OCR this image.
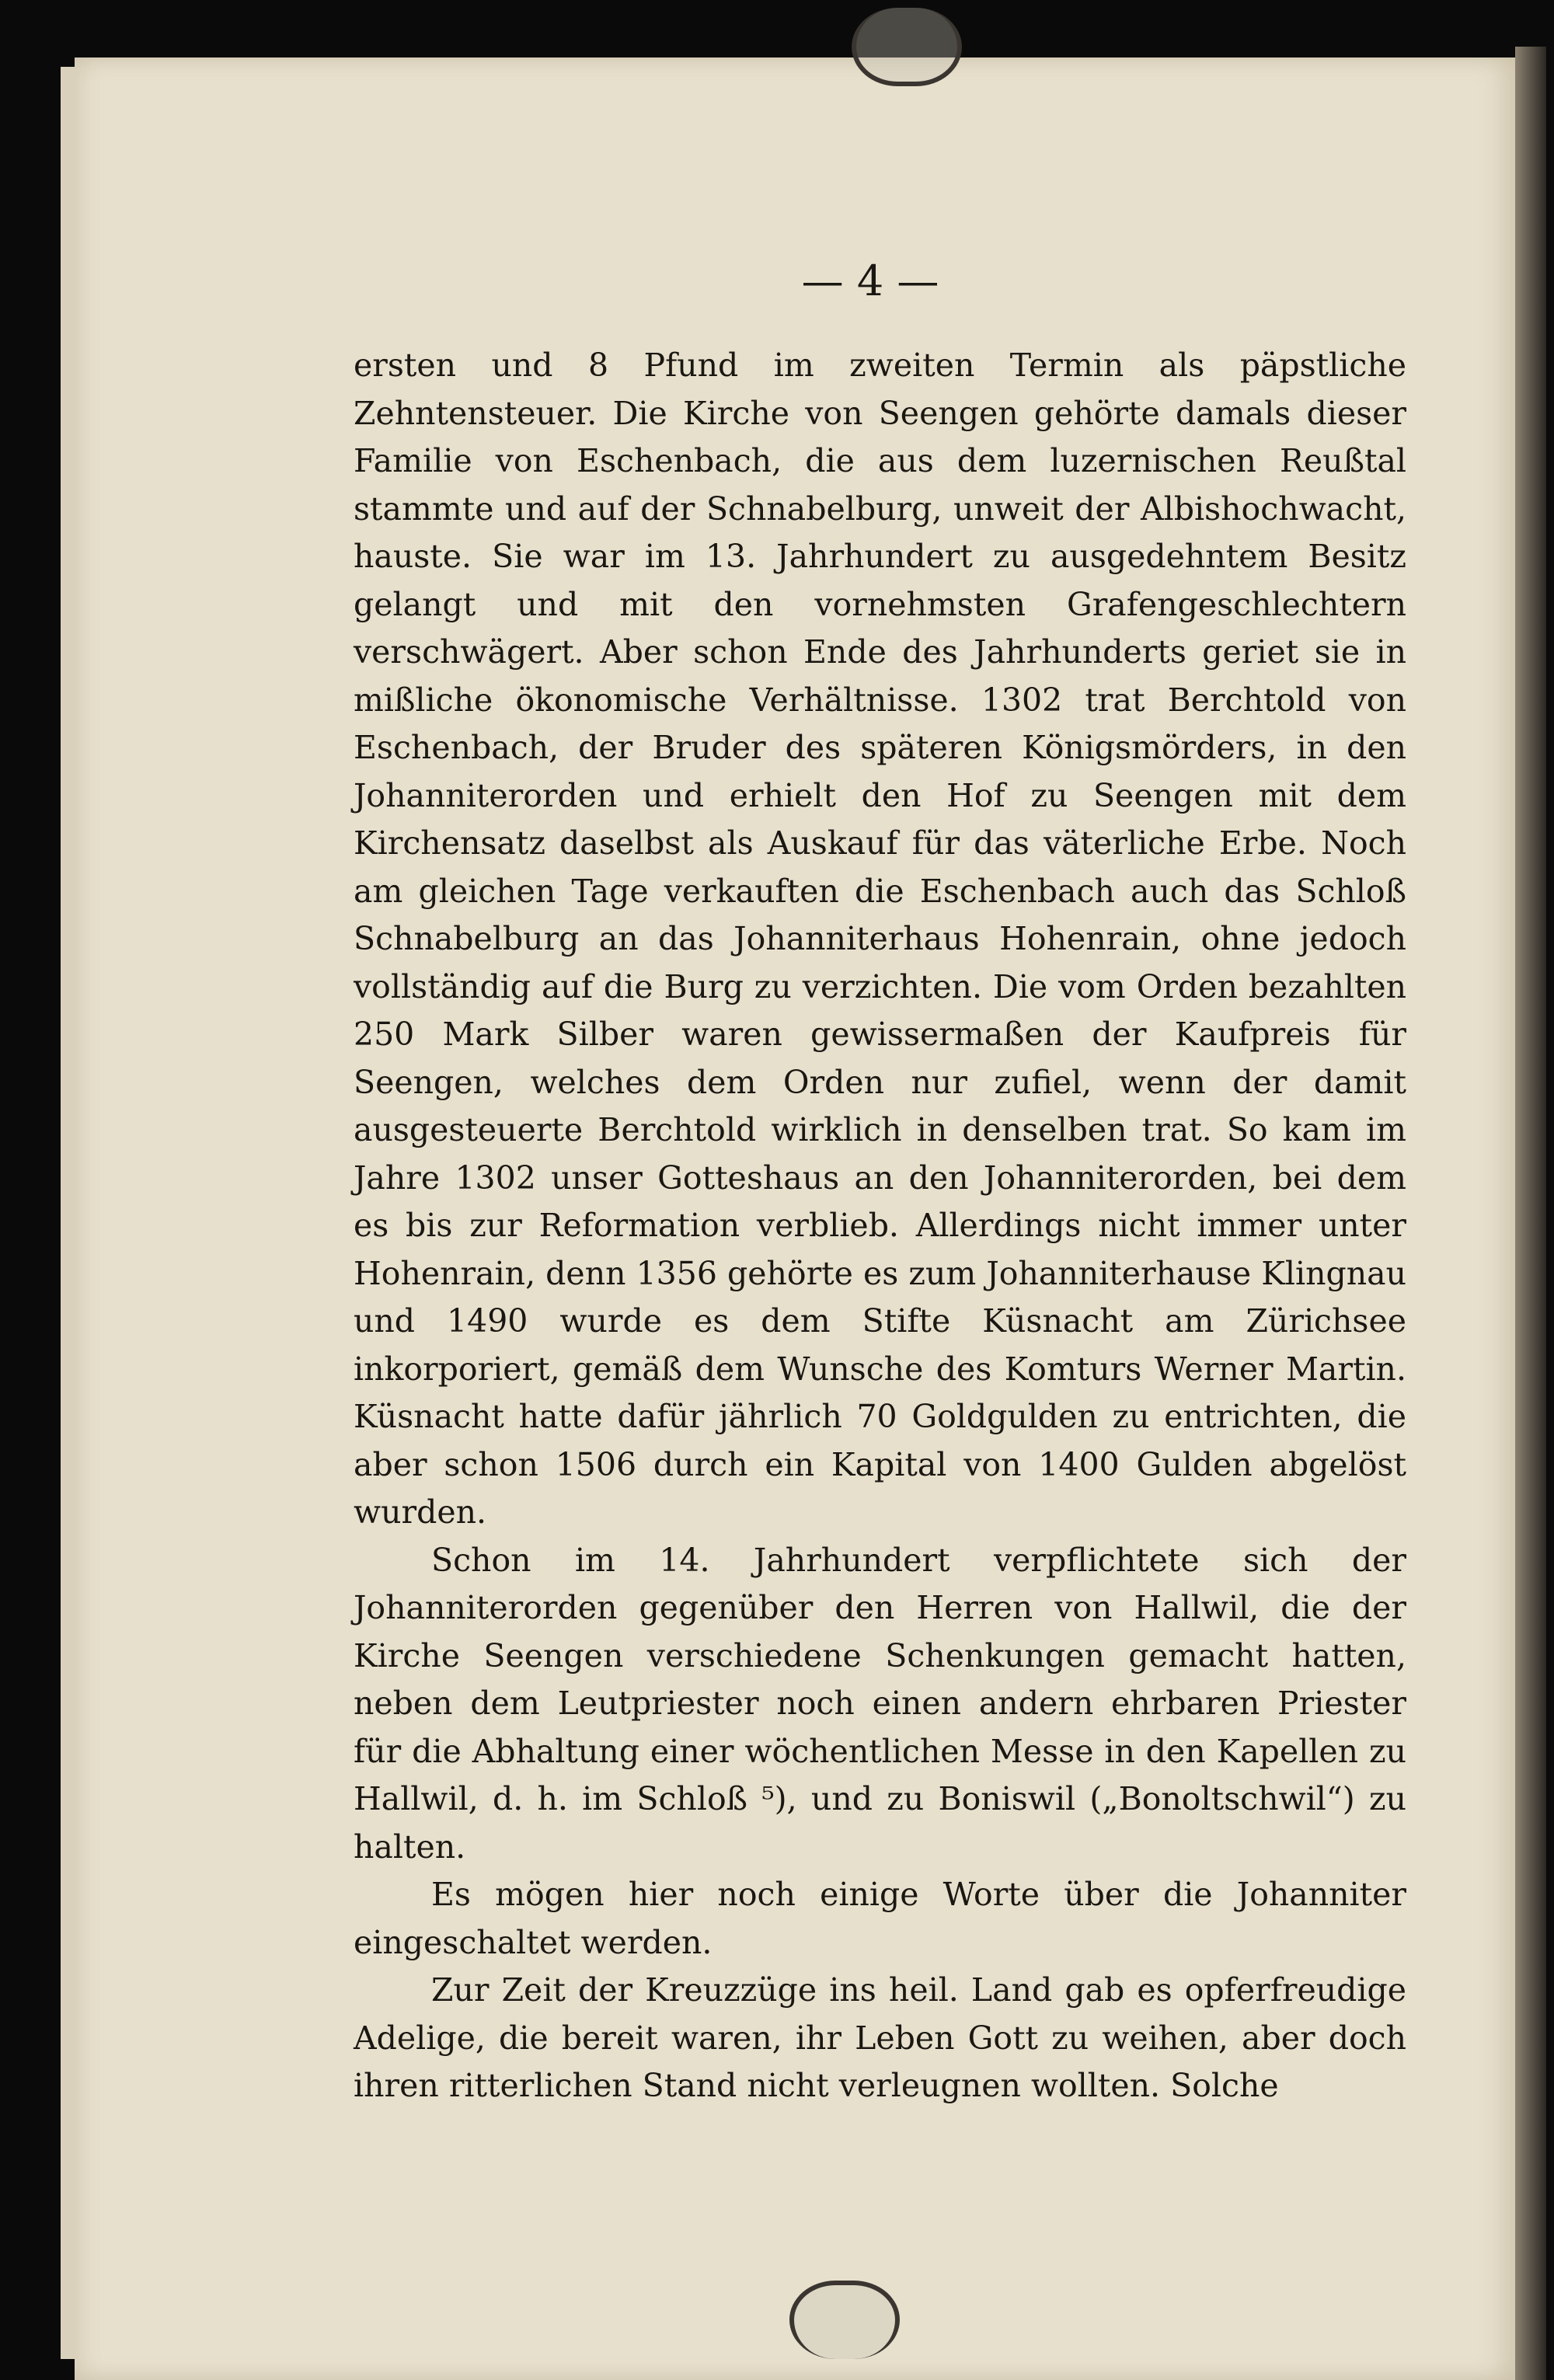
— 4 —

ersten und 8 Pfund im zweiten Termin als päpstliche Zehntensteuer. Die Kirche von Seengen gehörte damals dieser Familie von Eschenbach, die aus dem luzernischen Reußtal stammte und auf der Schnabelburg, unweit der Albishochwacht, hauste. Sie war im 13. Jahrhundert zu ausgedehntem Besitz gelangt und mit den vornehmsten Grafengeschlechtern verschwägert. Aber schon Ende des Jahrhunderts geriet sie in mißliche ökonomische Verhältnisse. 1302 trat Berchtold von Eschenbach, der Bruder des späteren Königsmörders, in den Johanniterorden und erhielt den Hof zu Seengen mit dem Kirchensatz daselbst als Auskauf für das väterliche Erbe. Noch am gleichen Tage verkauften die Eschenbach auch das Schloß Schnabelburg an das Johanniterhaus Hohenrain, ohne jedoch vollständig auf die Burg zu verzichten. Die vom Orden bezahlten 250 Mark Silber waren gewissermaßen der Kaufpreis für Seengen, welches dem Orden nur zufiel, wenn der damit ausgesteuerte Berchtold wirklich in denselben trat. So kam im Jahre 1302 unser Gotteshaus an den Johanniterorden, bei dem es bis zur Reformation verblieb. Allerdings nicht immer unter Hohenrain, denn 1356 gehörte es zum Johanniterhause Klingnau und 1490 wurde es dem Stifte Küsnacht am Zürichsee inkorporiert, gemäß dem Wunsche des Komturs Werner Martin. Küsnacht hatte dafür jährlich 70 Goldgulden zu entrichten, die aber schon 1506 durch ein Kapital von 1400 Gulden abgelöst wurden.

Schon im 14. Jahrhundert verpflichtete sich der Johanniterorden gegenüber den Herren von Hallwil, die der Kirche Seengen verschiedene Schenkungen gemacht hatten, neben dem Leutpriester noch einen andern ehrbaren Priester für die Abhaltung einer wöchentlichen Messe in den Kapellen zu Hallwil, d. h. im Schloß ⁵), und zu Boniswil („Bonoltschwil“) zu halten.

Es mögen hier noch einige Worte über die Johanniter eingeschaltet werden.

Zur Zeit der Kreuzzüge ins heil. Land gab es opferfreudige Adelige, die bereit waren, ihr Leben Gott zu weihen, aber doch ihren ritterlichen Stand nicht verleugnen wollten. Solche
